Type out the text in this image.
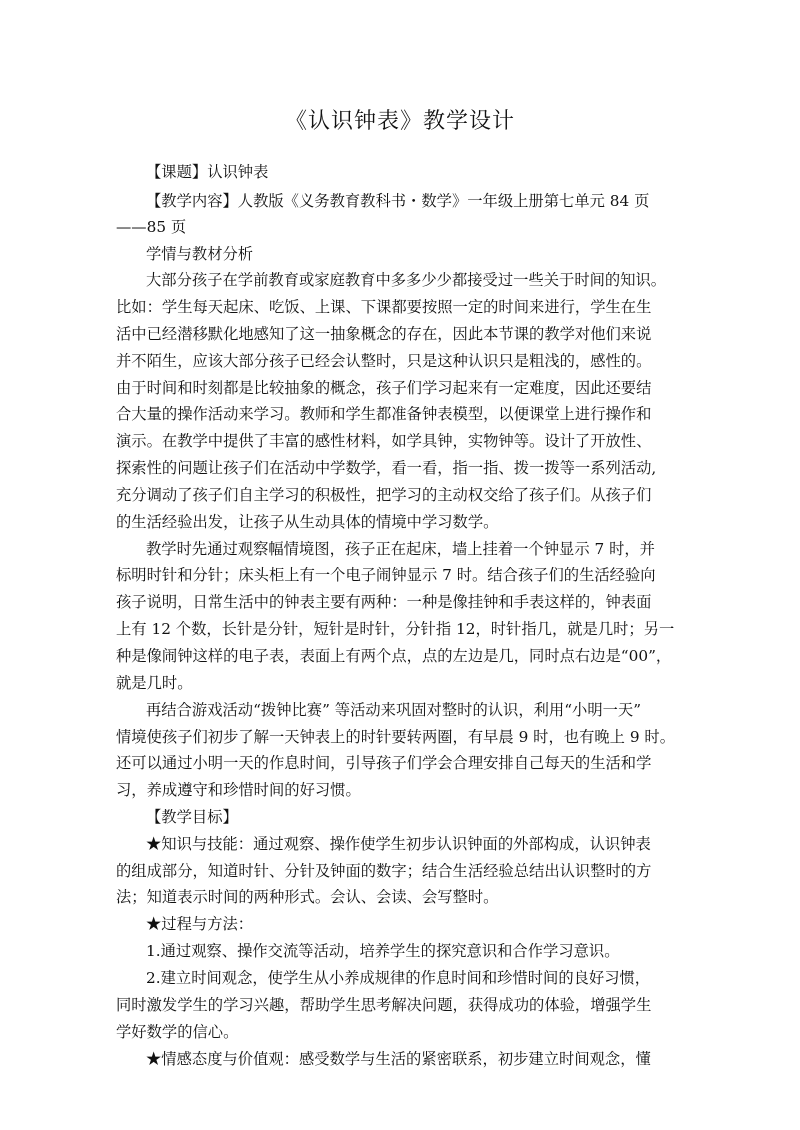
《认识钟表》教学设计
【课题】认识钟表
【教学内容】人教版《义务教育教科书・数学》一年级上册第七单元 84 页
——85 页
学情与教材分析
大部分孩子在学前教育或家庭教育中多多少少都接受过一些关于时间的知识。
比如：学生每天起床、吃饭、上课、下课都要按照一定的时间来进行，学生在生
活中已经潜移默化地感知了这一抽象概念的存在，因此本节课的教学对他们来说
并不陌生，应该大部分孩子已经会认整时，只是这种认识只是粗浅的，感性的。
由于时间和时刻都是比较抽象的概念，孩子们学习起来有一定难度，因此还要结
合大量的操作活动来学习。教师和学生都准备钟表模型，以便课堂上进行操作和
演示。在教学中提供了丰富的感性材料，如学具钟，实物钟等。设计了开放性、
探索性的问题让孩子们在活动中学数学，看一看，指一指、拨一拨等一系列活动,
充分调动了孩子们自主学习的积极性，把学习的主动权交给了孩子们。从孩子们
的生活经验出发，让孩子从生动具体的情境中学习数学。
教学时先通过观察幅情境图，孩子正在起床，墙上挂着一个钟显示 7 时，并
标明时针和分针；床头柜上有一个电子闹钟显示 7 时。结合孩子们的生活经验向
孩子说明，日常生活中的钟表主要有两种：一种是像挂钟和手表这样的，钟表面
上有 12 个数，长针是分针，短针是时针，分针指 12，时针指几，就是几时；另一
种是像闹钟这样的电子表，表面上有两个点，点的左边是几，同时点右边是“00”，
就是几时。
再结合游戏活动“拨钟比赛” 等活动来巩固对整时的认识，利用“小明一天”
情境使孩子们初步了解一天钟表上的时针要转两圈，有早晨 9 时，也有晚上 9 时。
还可以通过小明一天的作息时间，引导孩子们学会合理安排自己每天的生活和学
习，养成遵守和珍惜时间的好习惯。
【教学目标】
★知识与技能：通过观察、操作使学生初步认识钟面的外部构成，认识钟表
的组成部分，知道时针、分针及钟面的数字；结合生活经验总结出认识整时的方
法；知道表示时间的两种形式。会认、会读、会写整时。
★过程与方法：
1.通过观察、操作交流等活动，培养学生的探究意识和合作学习意识。
2.建立时间观念，使学生从小养成规律的作息时间和珍惜时间的良好习惯，
同时激发学生的学习兴趣，帮助学生思考解决问题，获得成功的体验，增强学生
学好数学的信心。
★情感态度与价值观：感受数学与生活的紧密联系，初步建立时间观念，懂
